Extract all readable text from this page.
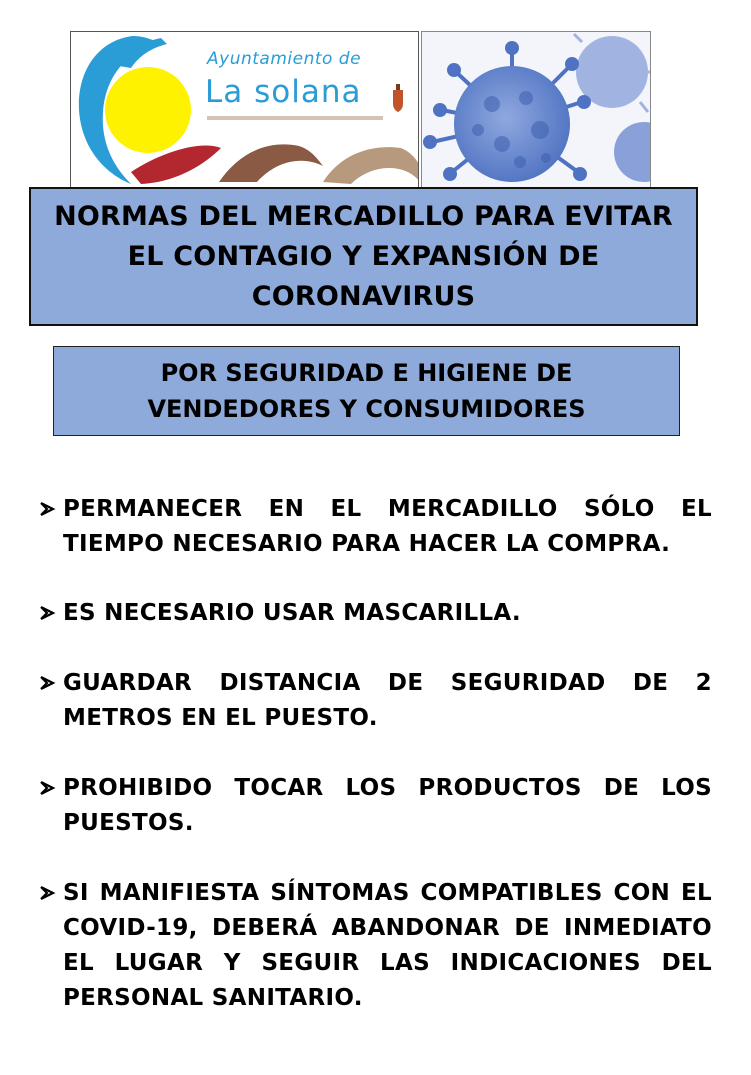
Ayuntamiento de
La solana
NORMAS DEL MERCADILLO PARA EVITAR EL CONTAGIO Y EXPANSIÓN DE CORONAVIRUS
POR SEGURIDAD E HIGIENE DE VENDEDORES Y CONSUMIDORES
PERMANECER EN EL MERCADILLO SÓLO EL TIEMPO NECESARIO PARA HACER LA COMPRA.
ES NECESARIO USAR MASCARILLA.
GUARDAR DISTANCIA DE SEGURIDAD DE 2 METROS EN EL PUESTO.
PROHIBIDO TOCAR LOS PRODUCTOS DE LOS PUESTOS.
SI MANIFIESTA SÍNTOMAS COMPATIBLES CON EL COVID-19, DEBERÁ ABANDONAR DE INMEDIATO EL LUGAR Y SEGUIR LAS INDICACIONES DEL PERSONAL SANITARIO.
